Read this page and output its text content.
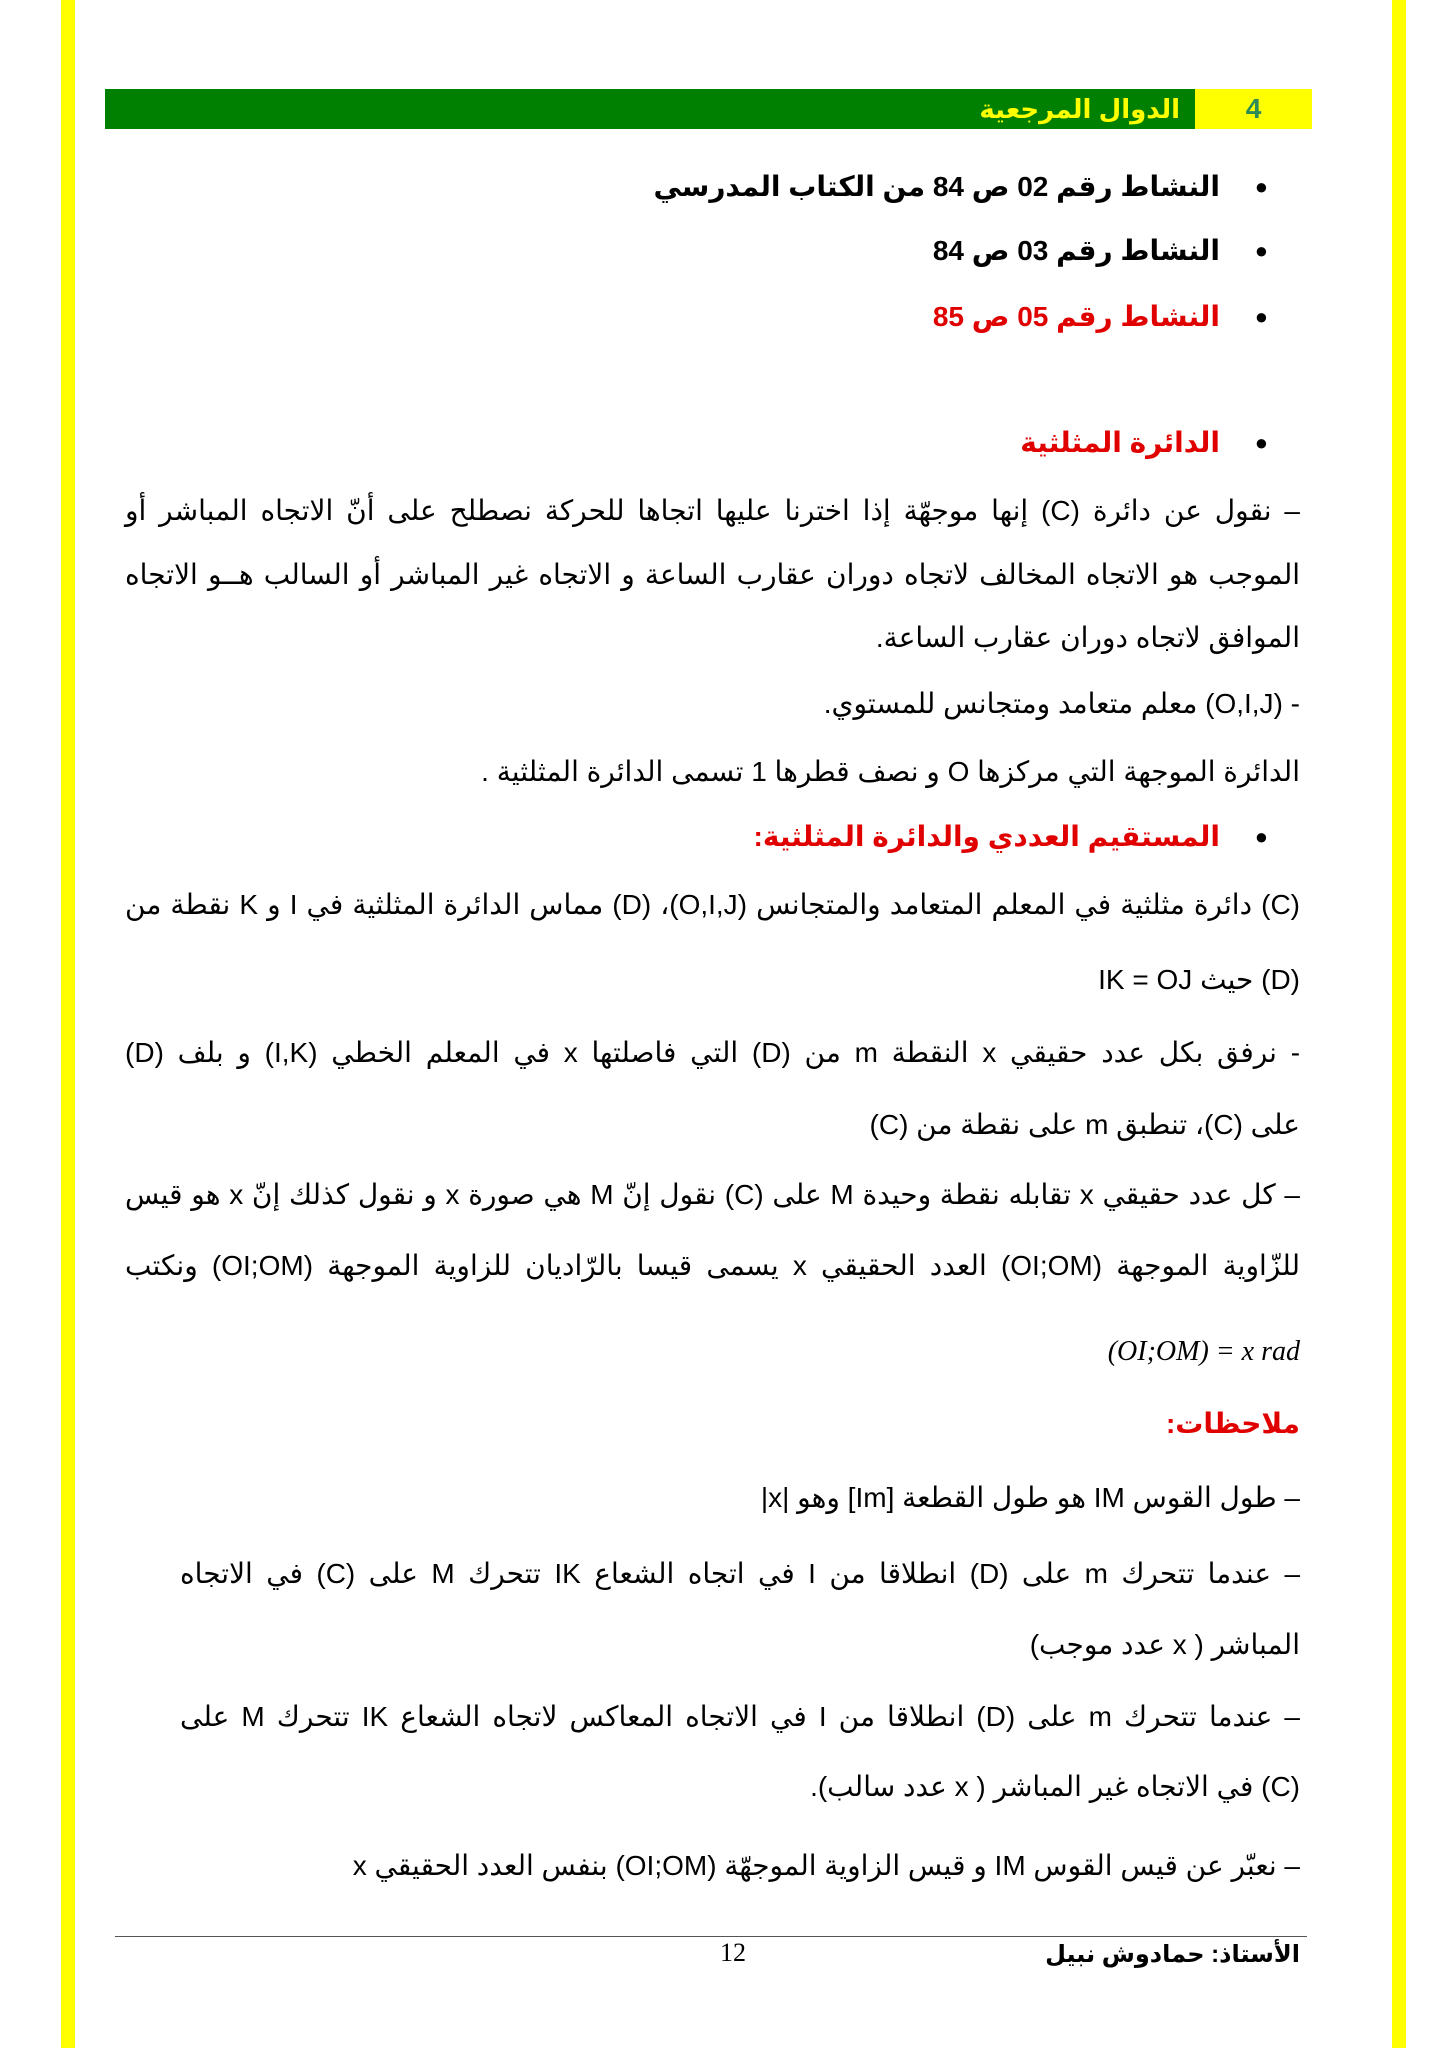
4
الدوال المرجعية
●
النشاط رقم 02 ص 84 من الكتاب المدرسي
●
النشاط رقم 03 ص 84
●
النشاط رقم 05 ص 85
●
الدائرة المثلثية
– نقول عن دائرة (C) إنها موجهّة إذا اخترنا عليها اتجاها للحركة نصطلح على أنّ الاتجاه المباشر أو
الموجب هو الاتجاه المخالف لاتجاه دوران عقارب الساعة و الاتجاه غير المباشر أو السالب هــو الاتجاه
الموافق لاتجاه دوران عقارب الساعة.
- (O,I,J) معلم متعامد ومتجانس للمستوي.
الدائرة الموجهة التي مركزها O و نصف قطرها 1 تسمى الدائرة المثلثية .
●
المستقيم العددي والدائرة المثلثية:
(C) دائرة مثلثية في المعلم المتعامد والمتجانس (O,I,J)، (D) مماس الدائرة المثلثية في I و K نقطة من
(D) حيث IK = OJ
- نرفق بكل عدد حقيقي x النقطة m من (D) التي فاصلتها x في المعلم الخطي (I,K) و بلف (D)
على (C)، تنطبق m على نقطة من (C)
– كل عدد حقيقي x تقابله نقطة وحيدة M على (C) نقول إنّ M هي صورة x و نقول كذلك إنّ x هو قيس
للزّاوية الموجهة (OI;OM) العدد الحقيقي x يسمى قيسا بالرّاديان للزاوية الموجهة (OI;OM) ونكتب
(OI;OM) = x rad
ملاحظات:
– طول القوس IM هو طول القطعة [Im] وهو |x|
– عندما تتحرك m على (D) انطلاقا من I في اتجاه الشعاع IK تتحرك M على (C) في الاتجاه
المباشر ( x عدد موجب)
– عندما تتحرك m على (D) انطلاقا من I في الاتجاه المعاكس لاتجاه الشعاع IK تتحرك M على
(C) في الاتجاه غير المباشر ( x عدد سالب).
– نعبّر عن قيس القوس IM و قيس الزاوية الموجهّة (OI;OM) بنفس العدد الحقيقي x
الأستاذ: حمادوش نبيل
12
